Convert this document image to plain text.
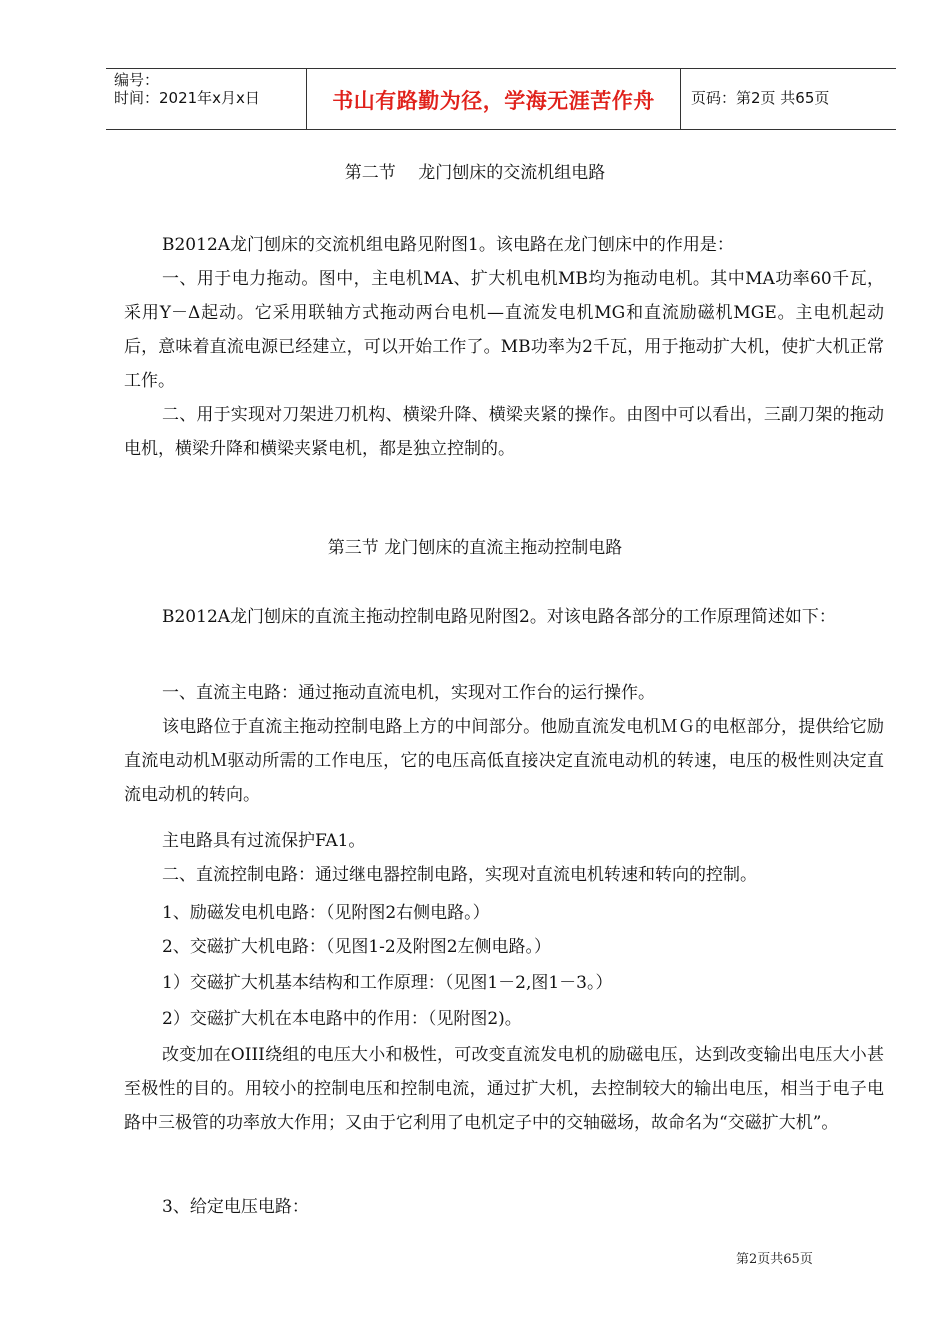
编号：
时间：2021年x月x日	书山有路勤为径，学海无涯苦作舟	页码：第2页 共65页
第二节　 龙门刨床的交流机组电路
B2012A龙门刨床的交流机组电路见附图1。该电路在龙门刨床中的作用是：
一、用于电力拖动。图中，主电机MA、扩大机电机MB均为拖动电机。其中MA功率60千瓦，采用Y－Δ起动。它采用联轴方式拖动两台电机—直流发电机MG和直流励磁机MGE。主电机起动后，意味着直流电源已经建立，可以开始工作了。MB功率为2千瓦，用于拖动扩大机，使扩大机正常工作。
二、用于实现对刀架进刀机构、横梁升降、横梁夹紧的操作。由图中可以看出，三副刀架的拖动电机，横梁升降和横梁夹紧电机，都是独立控制的。
第三节 龙门刨床的直流主拖动控制电路
B2012A龙门刨床的直流主拖动控制电路见附图2。对该电路各部分的工作原理简述如下：
一、直流主电路：通过拖动直流电机，实现对工作台的运行操作。
该电路位于直流主拖动控制电路上方的中间部分。他励直流发电机ＭＧ的电枢部分，提供给它励直流电动机Ｍ驱动所需的工作电压，它的电压高低直接决定直流电动机的转速，电压的极性则决定直流电动机的转向。
主电路具有过流保护FA1。
二、直流控制电路：通过继电器控制电路，实现对直流电机转速和转向的控制。
1、励磁发电机电路：（见附图2右侧电路。）
2、交磁扩大机电路：（见图1-2及附图2左侧电路。）
1）交磁扩大机基本结构和工作原理：（见图1－2,图1－3。）
2）交磁扩大机在本电路中的作用：（见附图2)。
改变加在OIII绕组的电压大小和极性，可改变直流发电机的励磁电压，达到改变输出电压大小甚至极性的目的。用较小的控制电压和控制电流，通过扩大机，去控制较大的输出电压，相当于电子电路中三极管的功率放大作用；又由于它利用了电机定子中的交轴磁场，故命名为“交磁扩大机”。
3、给定电压电路：
第2页共65页
